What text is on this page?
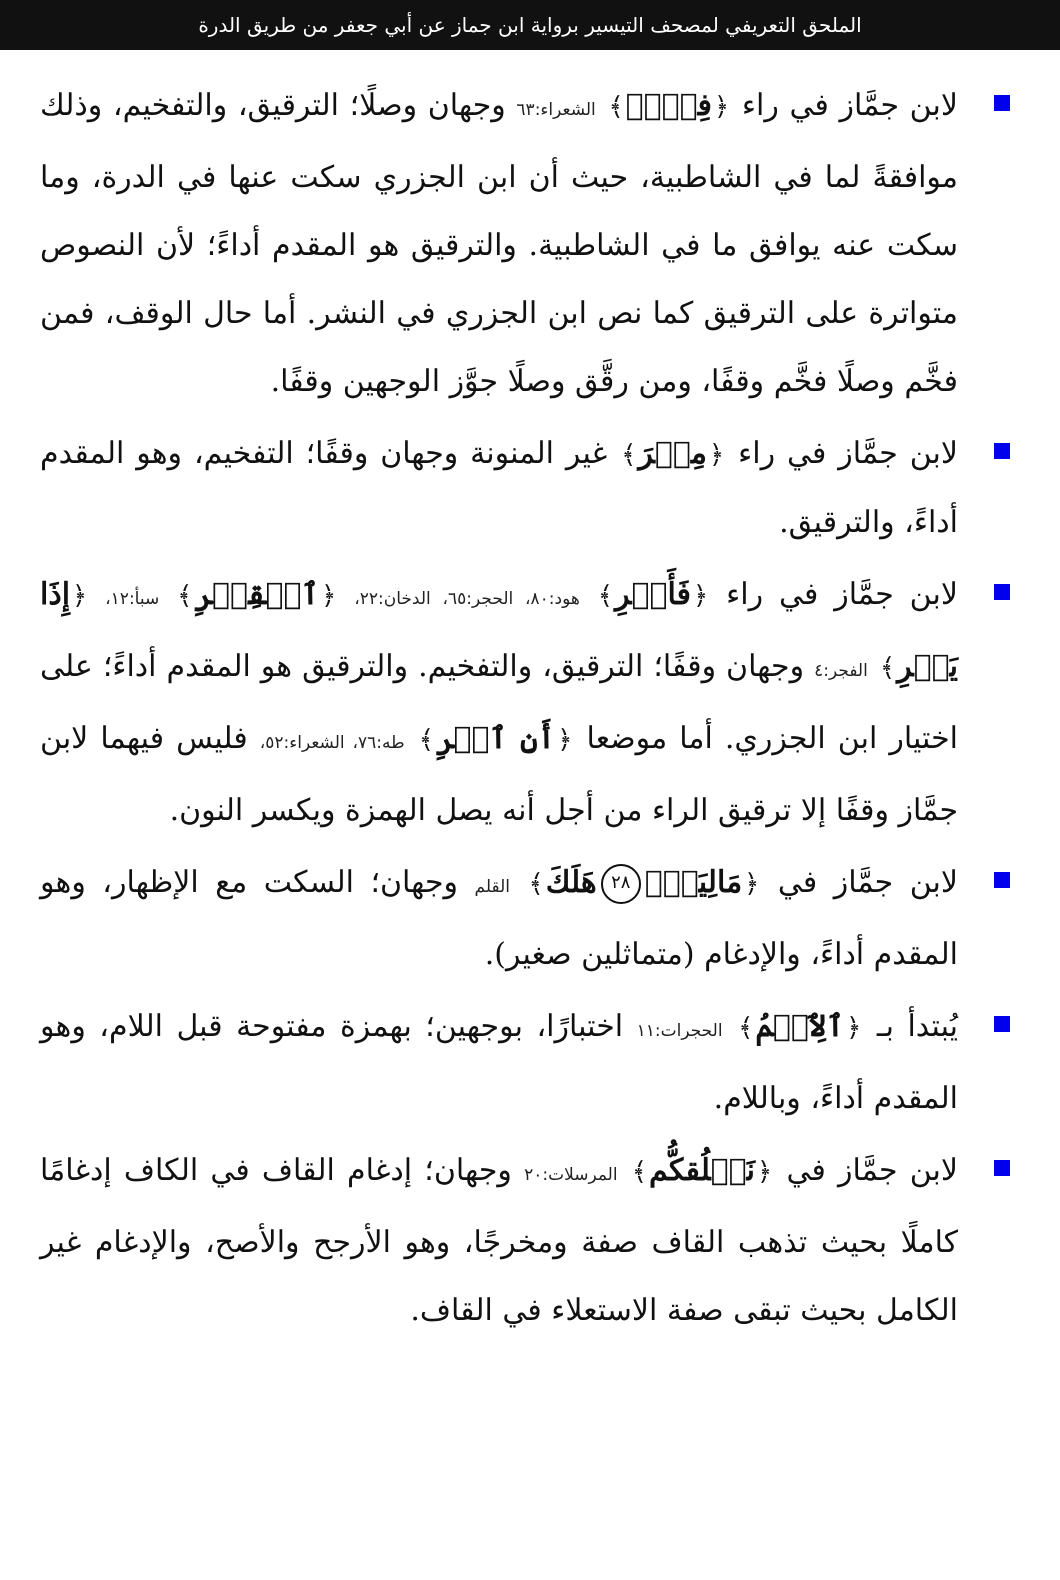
الملحق التعريفي لمصحف التيسير برواية ابن جماز عن أبي جعفر من طريق الدرة
لابن جمَّاز في راء ﴿فِرۡقٖ﴾ الشعراء:٦٣ وجهان وصلًا؛ الترقيق، والتفخيم، وذلك موافقةً لما في الشاطبية، حيث أن ابن الجزري سكت عنها في الدرة، وما سكت عنه يوافق ما في الشاطبية. والترقيق هو المقدم أداءً؛ لأن النصوص متواترة على الترقيق كما نص ابن الجزري في النشر. أما حال الوقف، فمن فخَّم وصلًا فخَّم وقفًا، ومن رقَّق وصلًا جوَّز الوجهين وقفًا.
لابن جمَّاز في راء ﴿مِصۡرَ﴾ غير المنونة وجهان وقفًا؛ التفخيم، وهو المقدم أداءً، والترقيق.
لابن جمَّاز في راء ﴿فَأَسۡرِ﴾ هود:٨٠، الحجر:٦٥، الدخان:٢٢، ﴿ٱلۡقِطۡرِ﴾ سبأ:١٢، ﴿إِذَا يَسۡرِ﴾ الفجر:٤ وجهان وقفًا؛ الترقيق، والتفخيم. والترقيق هو المقدم أداءً؛ على اختيار ابن الجزري. أما موضعا ﴿أَنِ ٱسۡرِ﴾ طه:٧٦، الشعراء:٥٢، فليس فيهما لابن جمَّاز وقفًا إلا ترقيق الراء من أجل أنه يصل الهمزة ويكسر النون.
لابن جمَّاز في ﴿مَالِيَهۡۜ٢٨هَلَكَ﴾ القلم وجهان؛ السكت مع الإظهار، وهو المقدم أداءً، والإدغام (متماثلين صغير).
يُبتدأ بـ ﴿ٱلِٱسۡمُ﴾ الحجرات:١١ اختبارًا، بوجهين؛ بهمزة مفتوحة قبل اللام، وهو المقدم أداءً، وباللام.
لابن جمَّاز في ﴿نَخۡلُقكُّم﴾ المرسلات:٢٠ وجهان؛ إدغام القاف في الكاف إدغامًا كاملًا بحيث تذهب القاف صفة ومخرجًا، وهو الأرجح والأصح، والإدغام غير الكامل بحيث تبقى صفة الاستعلاء في القاف.
